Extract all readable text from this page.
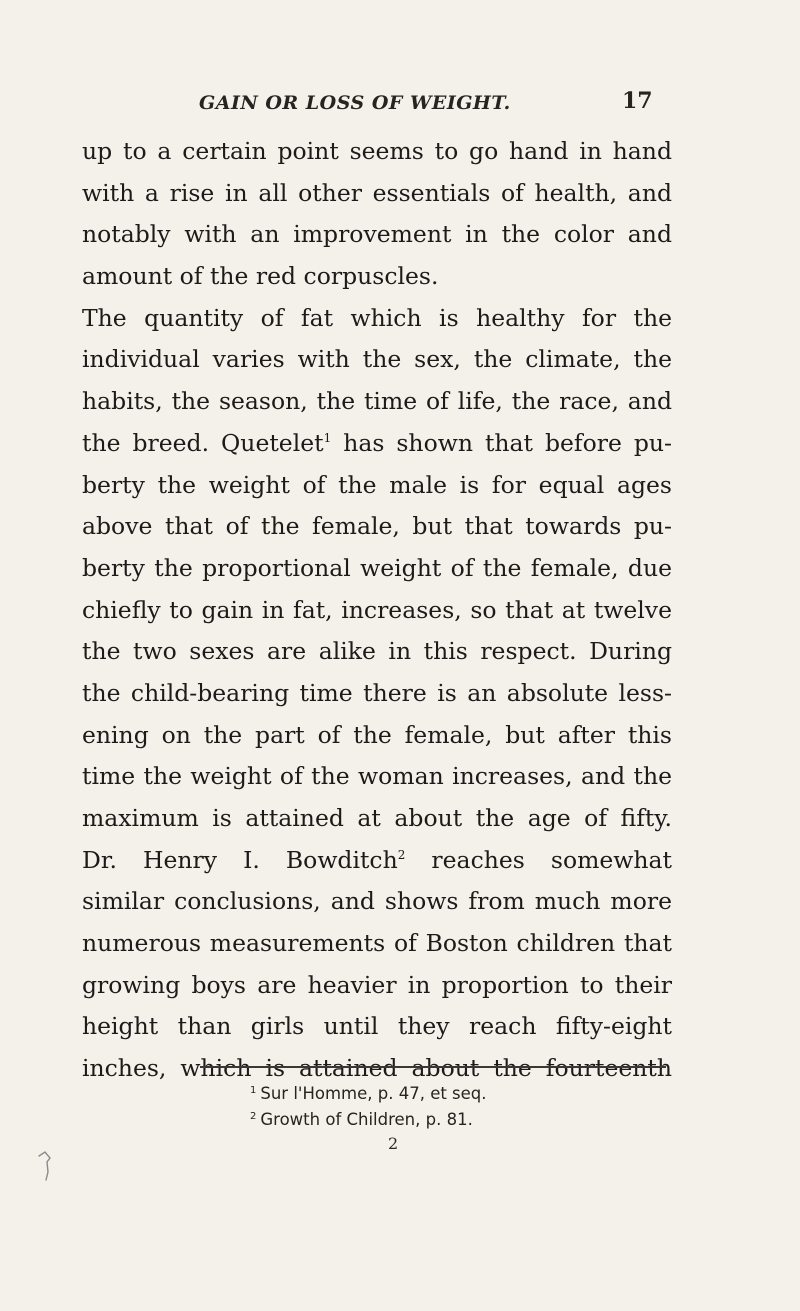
GAIN OR LOSS OF WEIGHT.	17
up to a certain point seems to go hand in hand
with a rise in all other essentials of health, and
notably with an improvement in the color and
amount of the red corpuscles.
The quantity of fat which is healthy for the
individual varies with the sex, the climate, the
habits, the season, the time of life, the race, and
the breed. Quetelet$^1$ has shown that before pu-
berty the weight of the male is for equal ages
above that of the female, but that towards pu-
berty the proportional weight of the female, due
chiefly to gain in fat, increases, so that at twelve
the two sexes are alike in this respect. During
the child-bearing time there is an absolute less-
ening on the part of the female, but after this
time the weight of the woman increases, and the
maximum is attained at about the age of fifty.
Dr. Henry I. Bowditch$^2$ reaches somewhat
similar conclusions, and shows from much more
numerous measurements of Boston children that
growing boys are heavier in proportion to their
height than girls until they reach fifty-eight
inches, which is attained about the fourteenth
$^1$ Sur l'Homme, p. 47, et seq.
$^2$ Growth of Children, p. 81.
2
